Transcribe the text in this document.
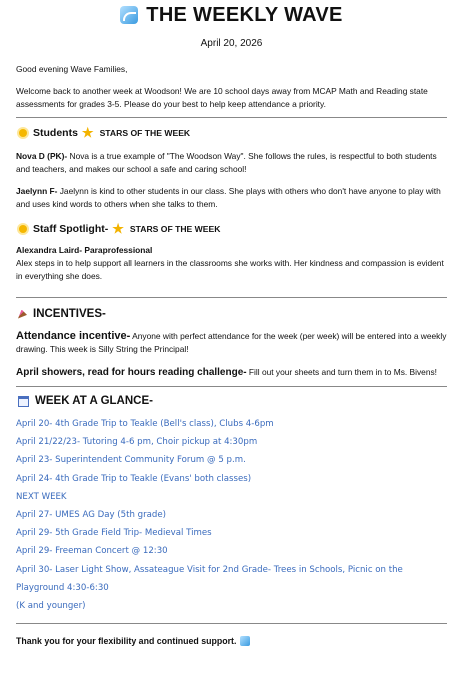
THE WEEKLY WAVE
April 20, 2026

Good evening Wave Families,

Welcome back to another week at Woodson! We are 10 school days away from MCAP Math and Reading state assessments for grades 3-5. Please do your best to help keep attendance a priority.

Students ★ STARS OF THE WEEK

Nova D (PK)- Nova is a true example of "The Woodson Way". She follows the rules, is respectful to both students and teachers, and makes our school a safe and caring school!

Jaelynn F- Jaelynn is kind to other students in our class. She plays with others who don't have anyone to play with and uses kind words to others when she talks to them.

Staff Spotlight- ★ STARS OF THE WEEK

Alexandra Laird- Paraprofessional
Alex steps in to help support all learners in the classrooms she works with. Her kindness and compassion is evident in everything she does.

INCENTIVES-

Attendance incentive- Anyone with perfect attendance for the week (per week) will be entered into a weekly drawing. This week is Silly String the Principal!

April showers, read for hours reading challenge- Fill out your sheets and turn them in to Ms. Bivens!

WEEK AT A GLANCE-
April 20- 4th Grade Trip to Teakle (Bell's class), Clubs 4-6pm
April 21/22/23- Tutoring 4-6 pm, Choir pickup at 4:30pm
April 23- Superintendent Community Forum @ 5 p.m.
April 24- 4th Grade Trip to Teakle (Evans' both classes)
NEXT WEEK
April 27- UMES AG Day (5th grade)
April 29- 5th Grade Field Trip- Medieval Times
April 29- Freeman Concert @ 12:30
April 30- Laser Light Show, Assateague Visit for 2nd Grade- Trees in Schools, Picnic on the
Playground 4:30-6:30
(K and younger)
Thank you for your flexibility and continued support.
